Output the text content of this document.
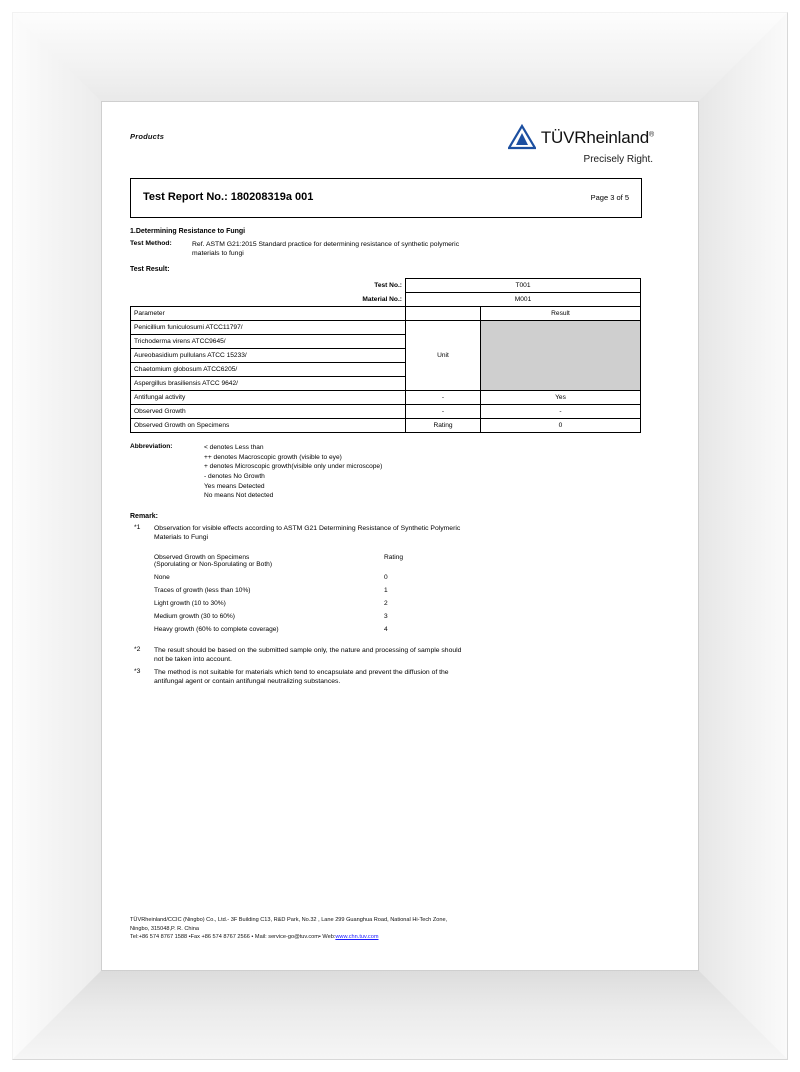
Products	TÜVRheinland®
Precisely Right.
Test Report No.: 180208319a 001	Page 3 of 5
1.Determining Resistance to Fungi
Test Method:	Ref. ASTM G21:2015 Standard practice for determining resistance of synthetic polymeric
materials to fungi
Test Result:
Test No.:	T001	
Material No.:	M001	
Parameter		Result
Penicillium funiculosumi ATCC11797/	Unit	
Trichoderma virens ATCC9645/		
Aureobasidium pullulans ATCC 15233/		
Chaetomium globosum ATCC6205/		
Aspergillus brasiliensis ATCC 9642/		
Antifungal activity	-	Yes
Observed Growth	-	-
Observed Growth on Specimens	Rating	0
Abbreviation:	< denotes Less than
++ denotes Macroscopic growth (visible to eye)
+ denotes Microscopic growth(visible only under microscope)
- denotes No Growth
Yes means Detected
No means Not detected
Remark:
*1	Observation for visible effects according to ASTM G21 Determining Resistance of Synthetic Polymeric
Materials to Fungi
Observed Growth on Specimens
(Sporulating or Non-Sporulating or Both)	Rating
None	0
Traces of growth (less than 10%)	1
Light growth (10 to 30%)	2
Medium growth (30 to 60%)	3
Heavy growth (60% to complete coverage)	4
*2	The result should be based on the submitted sample only, the nature and processing of sample should
not be taken into account.
*3	The method is not suitable for materials which tend to encapsulate and prevent the diffusion of the
antifungal agent or contain antifungal neutralizing substances.
TÜVRheinland/CCIC (Ningbo) Co., Ltd.- 3F Building C13, R&D Park, No.32 , Lane 299 Guanghua Road, National Hi-Tech Zone,
Ningbo, 315048,P. R. China
Tel:+86 574 8767 1588 •Fax +86 574 8767 2566 • Mail: service-go@tuv.com• Web:www.chn.tuv.com
